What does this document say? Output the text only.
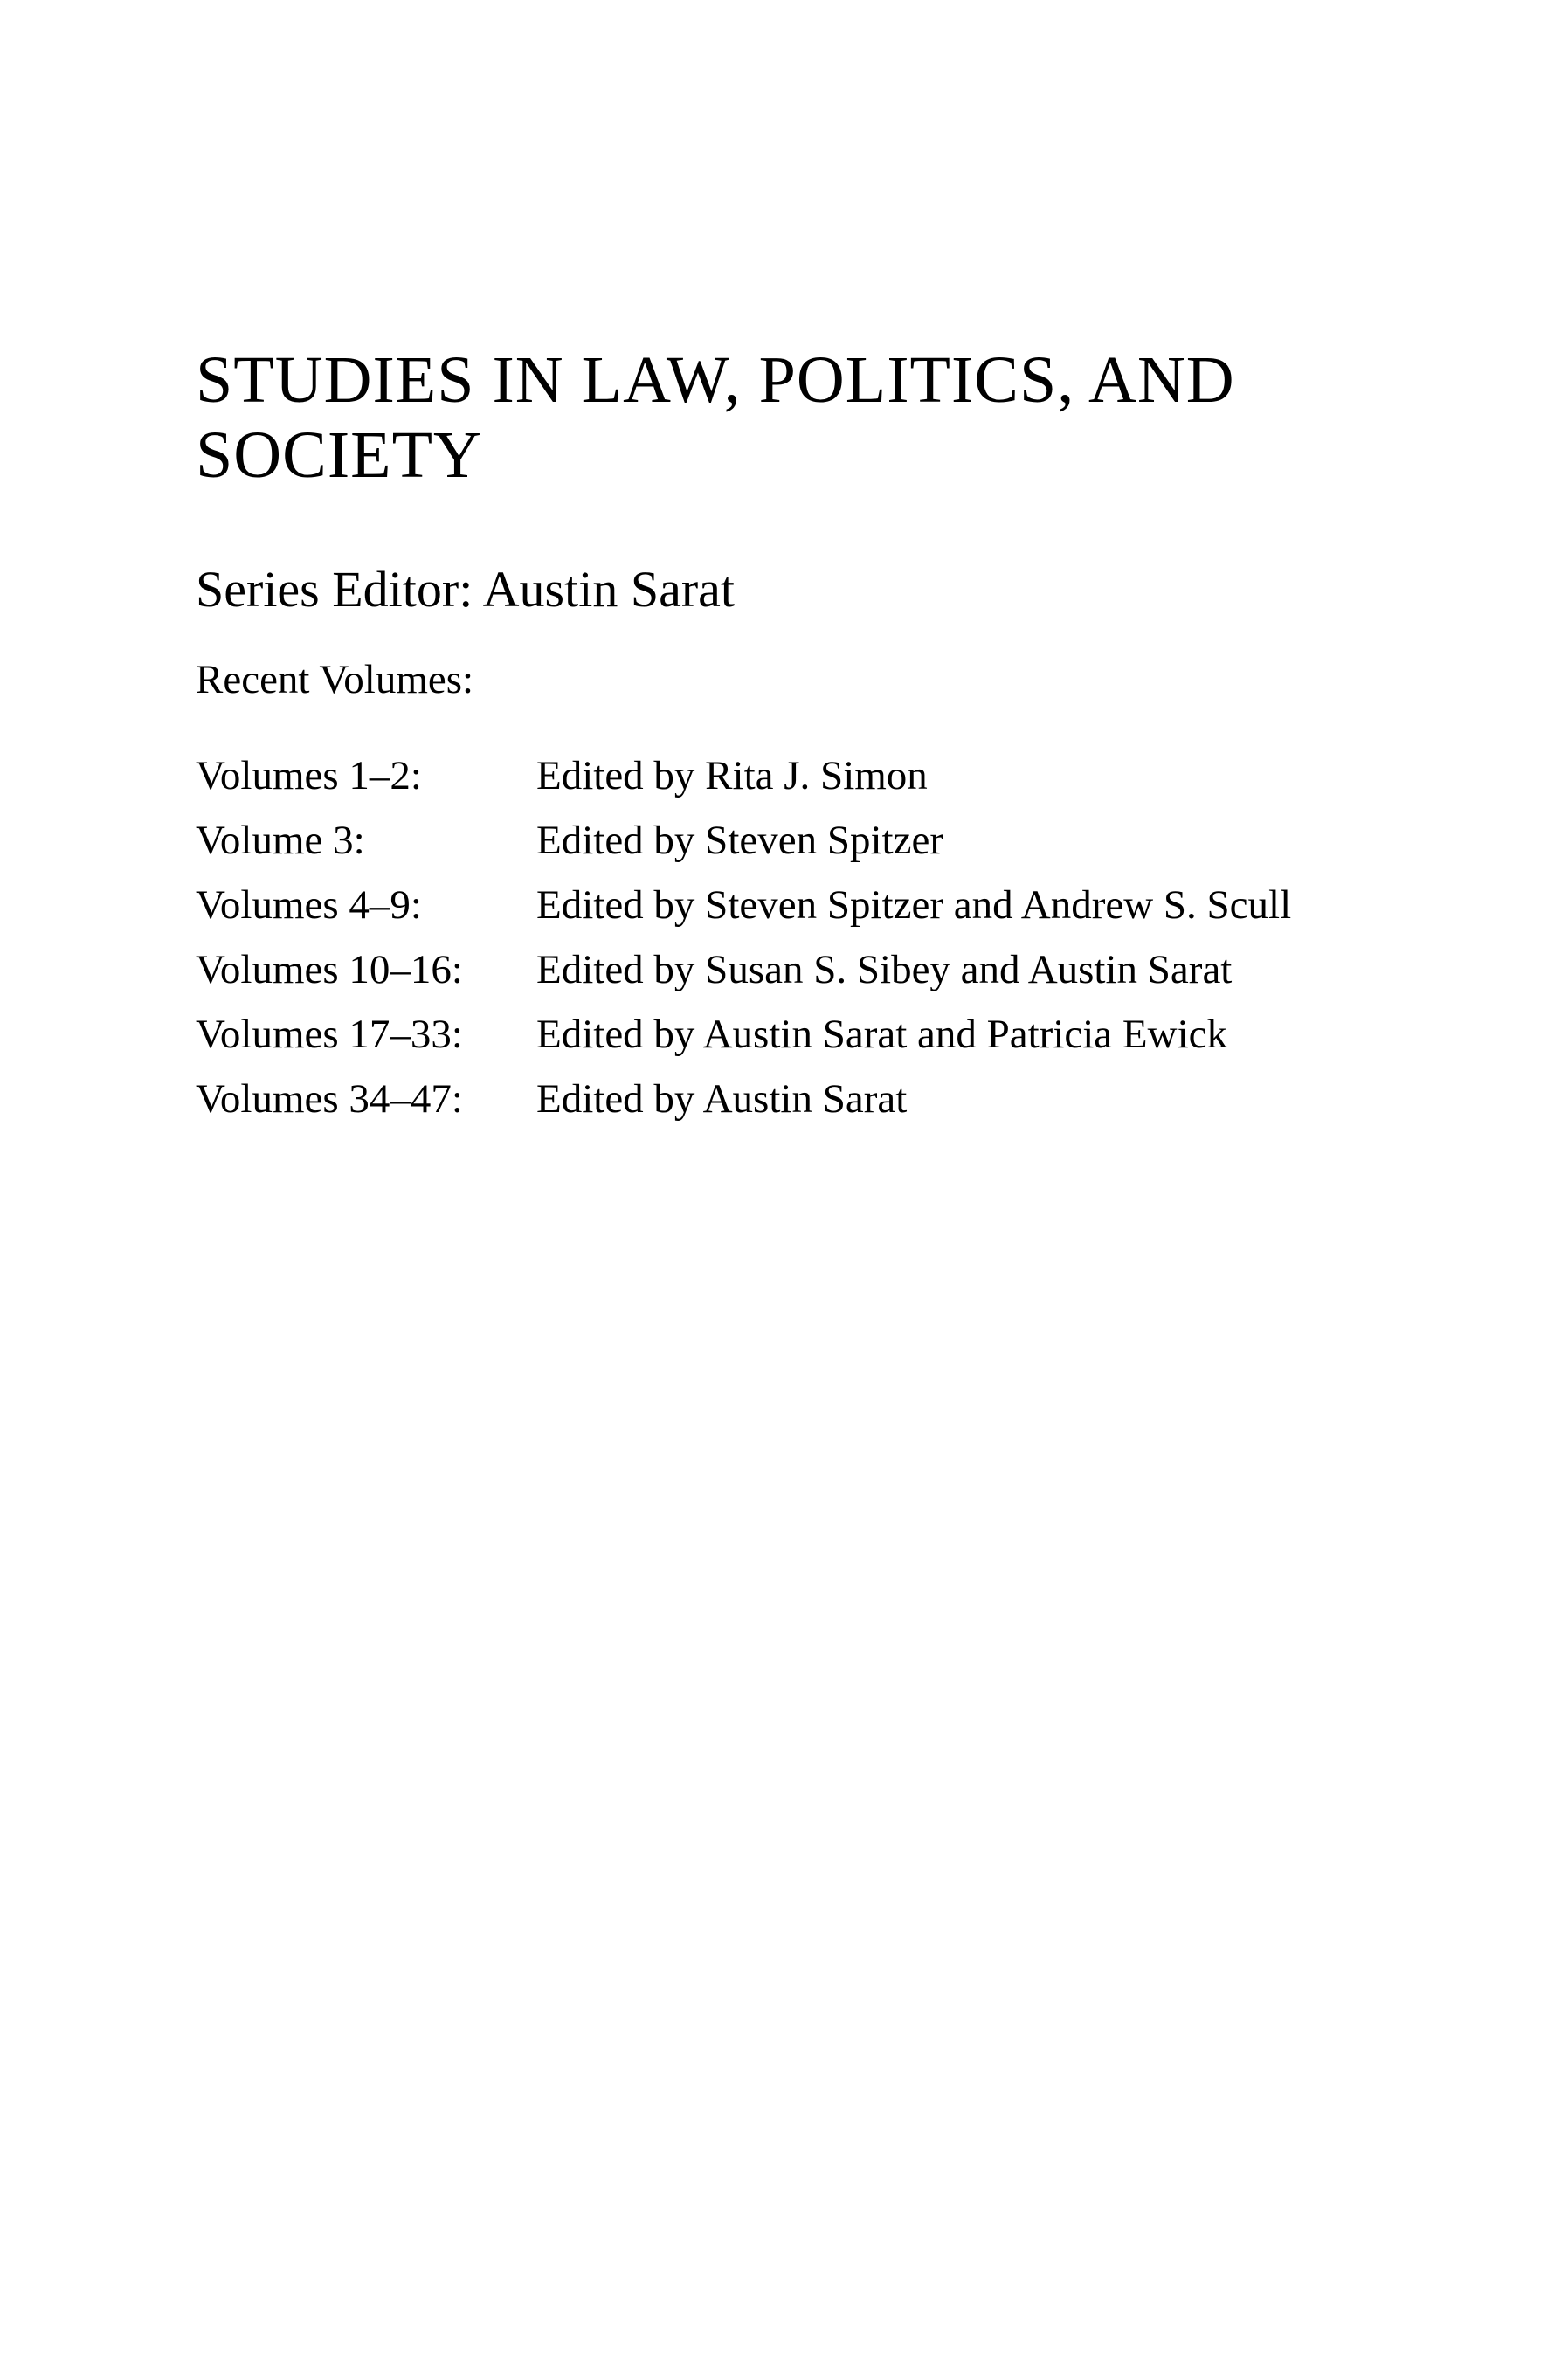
STUDIES IN LAW, POLITICS, AND SOCIETY

Series Editor: Austin Sarat

Recent Volumes:

Volumes 1–2:	Edited by Rita J. Simon
Volume 3:	Edited by Steven Spitzer
Volumes 4–9:	Edited by Steven Spitzer and Andrew S. Scull
Volumes 10–16:	Edited by Susan S. Sibey and Austin Sarat
Volumes 17–33:	Edited by Austin Sarat and Patricia Ewick
Volumes 34–47:	Edited by Austin Sarat
